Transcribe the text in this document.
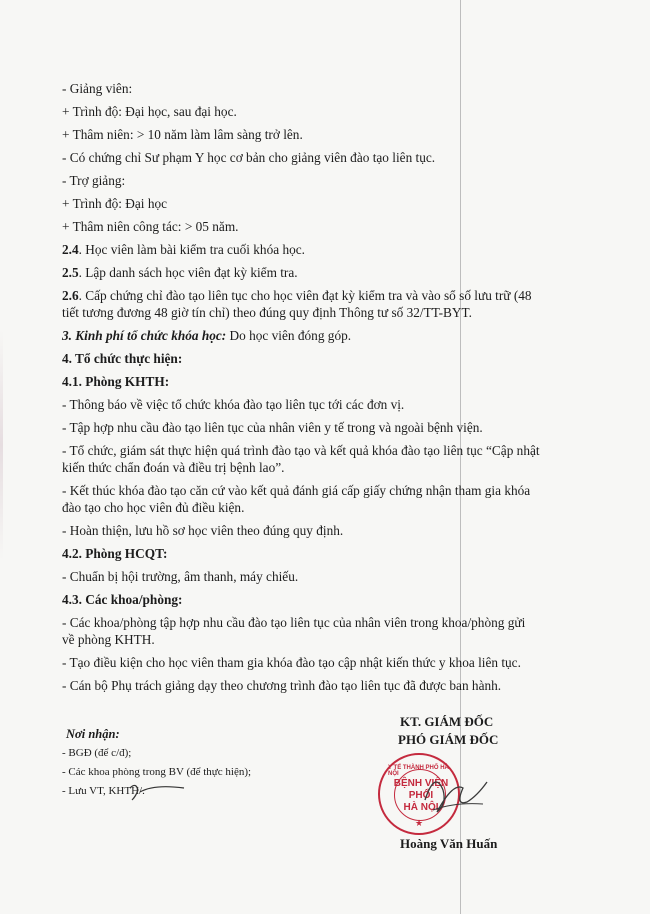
- Giảng viên:
+ Trình độ: Đại học, sau đại học.
+ Thâm niên: > 10 năm làm lâm sàng trở lên.
- Có chứng chỉ Sư phạm Y học cơ bản cho giảng viên đào tạo liên tục.
- Trợ giảng:
+ Trình độ: Đại học
+ Thâm niên công tác: > 05 năm.
2.4. Học viên làm bài kiểm tra cuối khóa học.
2.5. Lập danh sách học viên đạt kỳ kiểm tra.
2.6. Cấp chứng chỉ đào tạo liên tục cho học viên đạt kỳ kiểm tra và vào sổ số lưu trữ (48
tiết tương đương 48 giờ tín chỉ) theo đúng quy định Thông tư số 32/TT-BYT.
3. Kinh phí tổ chức khóa học: Do học viên đóng góp.
4. Tổ chức thực hiện:
4.1. Phòng KHTH:
- Thông báo về việc tổ chức khóa đào tạo liên tục tới các đơn vị.
- Tập hợp nhu cầu đào tạo liên tục của nhân viên y tế trong và ngoài bệnh viện.
- Tổ chức, giám sát thực hiện quá trình đào tạo và kết quả khóa đào tạo liên tục “Cập nhật
kiến thức chẩn đoán và điều trị bệnh lao”.
- Kết thúc khóa đào tạo căn cứ vào kết quả đánh giá cấp giấy chứng nhận tham gia khóa
đào tạo cho học viên đủ điều kiện.
- Hoàn thiện, lưu hồ sơ học viên theo đúng quy định.
4.2. Phòng HCQT:
- Chuẩn bị hội trường, âm thanh, máy chiếu.
4.3. Các khoa/phòng:
- Các khoa/phòng tập hợp nhu cầu đào tạo liên tục của nhân viên trong khoa/phòng gửi
về phòng KHTH.
- Tạo điều kiện cho học viên tham gia khóa đào tạo cập nhật kiến thức y khoa liên tục.
- Cán bộ Phụ trách giảng dạy theo chương trình đào tạo liên tục đã được ban hành.
Nơi nhận:
- BGĐ (để c/đ);
- Các khoa phòng trong BV (để thực hiện);
- Lưu VT, KHTH/.
KT. GIÁM ĐỐC
PHÓ GIÁM ĐỐC
Y TẾ THÀNH PHỐ HÀ NỘI
BỆNH VIỆN
PHỔI
HÀ NỘI
★
Hoàng Văn Huấn
